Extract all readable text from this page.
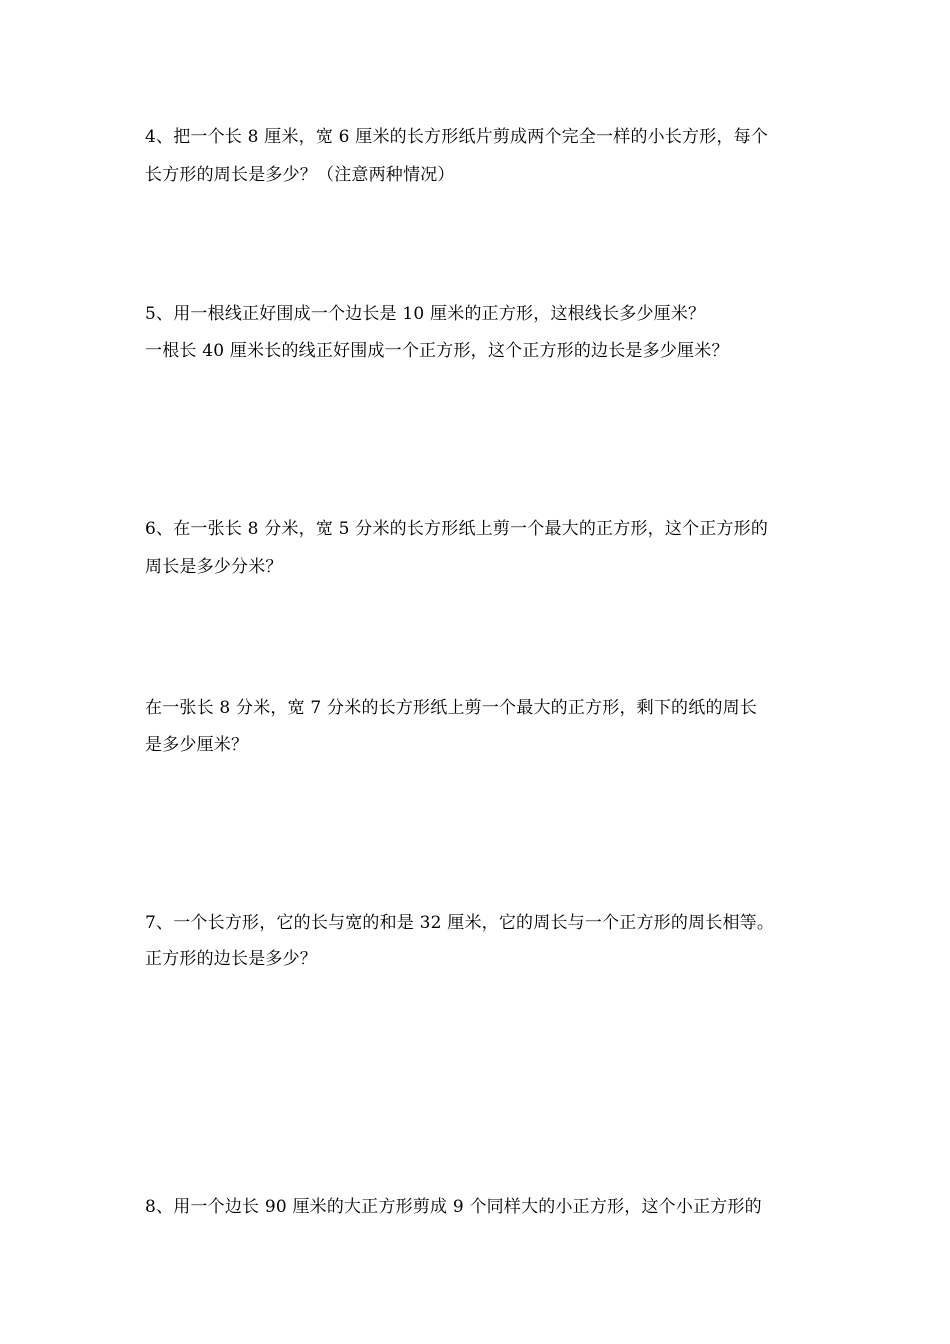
4、把一个长 8 厘米，宽 6 厘米的长方形纸片剪成两个完全一样的小长方形，每个
长方形的周长是多少？（注意两种情况）
5、用一根线正好围成一个边长是 10 厘米的正方形，这根线长多少厘米？
一根长 40 厘米长的线正好围成一个正方形，这个正方形的边长是多少厘米？
6、在一张长 8 分米，宽 5 分米的长方形纸上剪一个最大的正方形，这个正方形的
周长是多少分米？
在一张长 8 分米，宽 7 分米的长方形纸上剪一个最大的正方形，剩下的纸的周长
是多少厘米？
7、一个长方形，它的长与宽的和是 32 厘米，它的周长与一个正方形的周长相等。
正方形的边长是多少？
8、用一个边长 90 厘米的大正方形剪成 9 个同样大的小正方形，这个小正方形的
